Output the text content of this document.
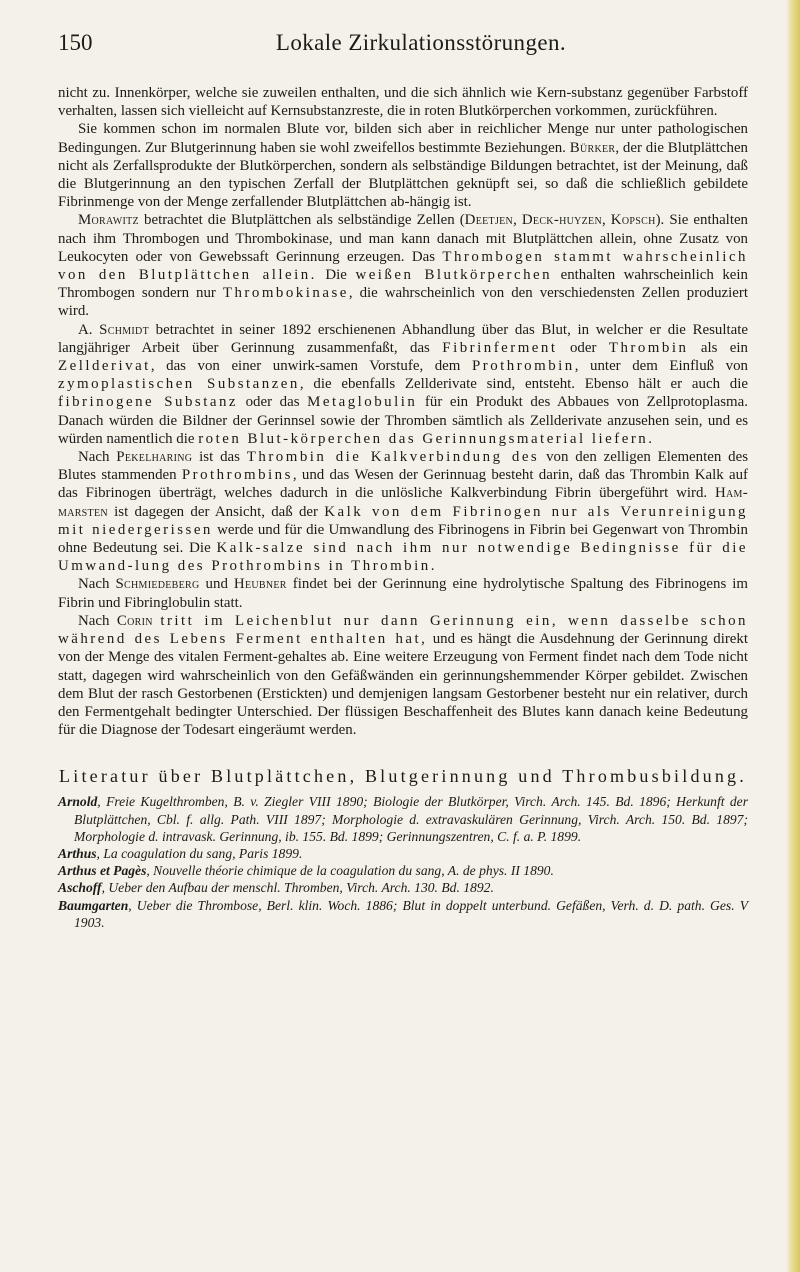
150	Lokale Zirkulationsstörungen.

nicht zu. Innenkörper, welche sie zuweilen enthalten, und die sich ähnlich wie Kern-substanz gegenüber Farbstoff verhalten, lassen sich vielleicht auf Kernsubstanzreste, die in roten Blutkörperchen vorkommen, zurückführen.

Sie kommen schon im normalen Blute vor, bilden sich aber in reichlicher Menge nur unter pathologischen Bedingungen. Zur Blutgerinnung haben sie wohl zweifellos bestimmte Beziehungen. Bürker, der die Blutplättchen nicht als Zerfallsprodukte der Blutkörperchen, sondern als selbständige Bildungen betrachtet, ist der Meinung, daß die Blutgerinnung an den typischen Zerfall der Blutplättchen geknüpft sei, so daß die schließlich gebildete Fibrinmenge von der Menge zerfallender Blutplättchen ab-hängig ist.

Morawitz betrachtet die Blutplättchen als selbständige Zellen (Deetjen, Deck-huyzen, Kopsch). Sie enthalten nach ihm Thrombogen und Thrombokinase, und man kann danach mit Blutplättchen allein, ohne Zusatz von Leukocyten oder von Gewebssaft Gerinnung erzeugen. Das Thrombogen stammt wahrscheinlich von den Blutplättchen allein. Die weißen Blutkörperchen enthalten wahrscheinlich kein Thrombogen sondern nur Thrombokinase, die wahrscheinlich von den verschiedensten Zellen produziert wird.

A. Schmidt betrachtet in seiner 1892 erschienenen Abhandlung über das Blut, in welcher er die Resultate langjähriger Arbeit über Gerinnung zusammenfaßt, das Fibrinferment oder Thrombin als ein Zellderivat, das von einer unwirk-samen Vorstufe, dem Prothrombin, unter dem Einfluß von zymoplastischen Substanzen, die ebenfalls Zellderivate sind, entsteht. Ebenso hält er auch die fibrinogene Substanz oder das Metaglobulin für ein Produkt des Abbaues von Zellprotoplasma. Danach würden die Bildner der Gerinnsel sowie der Thromben sämtlich als Zellderivate anzusehen sein, und es würden namentlich die roten Blut-körperchen das Gerinnungsmaterial liefern.

Nach Pekelharing ist das Thrombin die Kalkverbindung des von den zelligen Elementen des Blutes stammenden Prothrombins, und das Wesen der Gerinnuag besteht darin, daß das Thrombin Kalk auf das Fibrinogen überträgt, welches dadurch in die unlösliche Kalkverbindung Fibrin übergeführt wird. Ham-marsten ist dagegen der Ansicht, daß der Kalk von dem Fibrinogen nur als Verunreinigung mit niedergerissen werde und für die Umwandlung des Fibrinogens in Fibrin bei Gegenwart von Thrombin ohne Bedeutung sei. Die Kalk-salze sind nach ihm nur notwendige Bedingnisse für die Umwand-lung des Prothrombins in Thrombin.

Nach Schmiedeberg und Heubner findet bei der Gerinnung eine hydrolytische Spaltung des Fibrinogens im Fibrin und Fibringlobulin statt.

Nach Corin tritt im Leichenblut nur dann Gerinnung ein, wenn dasselbe schon während des Lebens Ferment enthalten hat, und es hängt die Ausdehnung der Gerinnung direkt von der Menge des vitalen Ferment-gehaltes ab. Eine weitere Erzeugung von Ferment findet nach dem Tode nicht statt, dagegen wird wahrscheinlich von den Gefäßwänden ein gerinnungshemmender Körper gebildet. Zwischen dem Blut der rasch Gestorbenen (Erstickten) und demjenigen langsam Gestorbener besteht nur ein relativer, durch den Fermentgehalt bedingter Unterschied. Der flüssigen Beschaffenheit des Blutes kann danach keine Bedeutung für die Diagnose der Todesart eingeräumt werden.

Literatur über Blutplättchen, Blutgerinnung und Thrombusbildung.

Arnold, Freie Kugelthromben, B. v. Ziegler VIII 1890; Biologie der Blutkörper, Virch. Arch. 145. Bd. 1896; Herkunft der Blutplättchen, Cbl. f. allg. Path. VIII 1897; Morphologie d. extravaskulären Gerinnung, Virch. Arch. 150. Bd. 1897; Morphologie d. intravask. Gerinnung, ib. 155. Bd. 1899; Gerinnungszentren, C. f. a. P. 1899.

Arthus, La coagulation du sang, Paris 1899.

Arthus et Pagès, Nouvelle théorie chimique de la coagulation du sang, A. de phys. II 1890.

Aschoff, Ueber den Aufbau der menschl. Thromben, Virch. Arch. 130. Bd. 1892.

Baumgarten, Ueber die Thrombose, Berl. klin. Woch. 1886; Blut in doppelt unterbund. Gefäßen, Verh. d. D. path. Ges. V 1903.
